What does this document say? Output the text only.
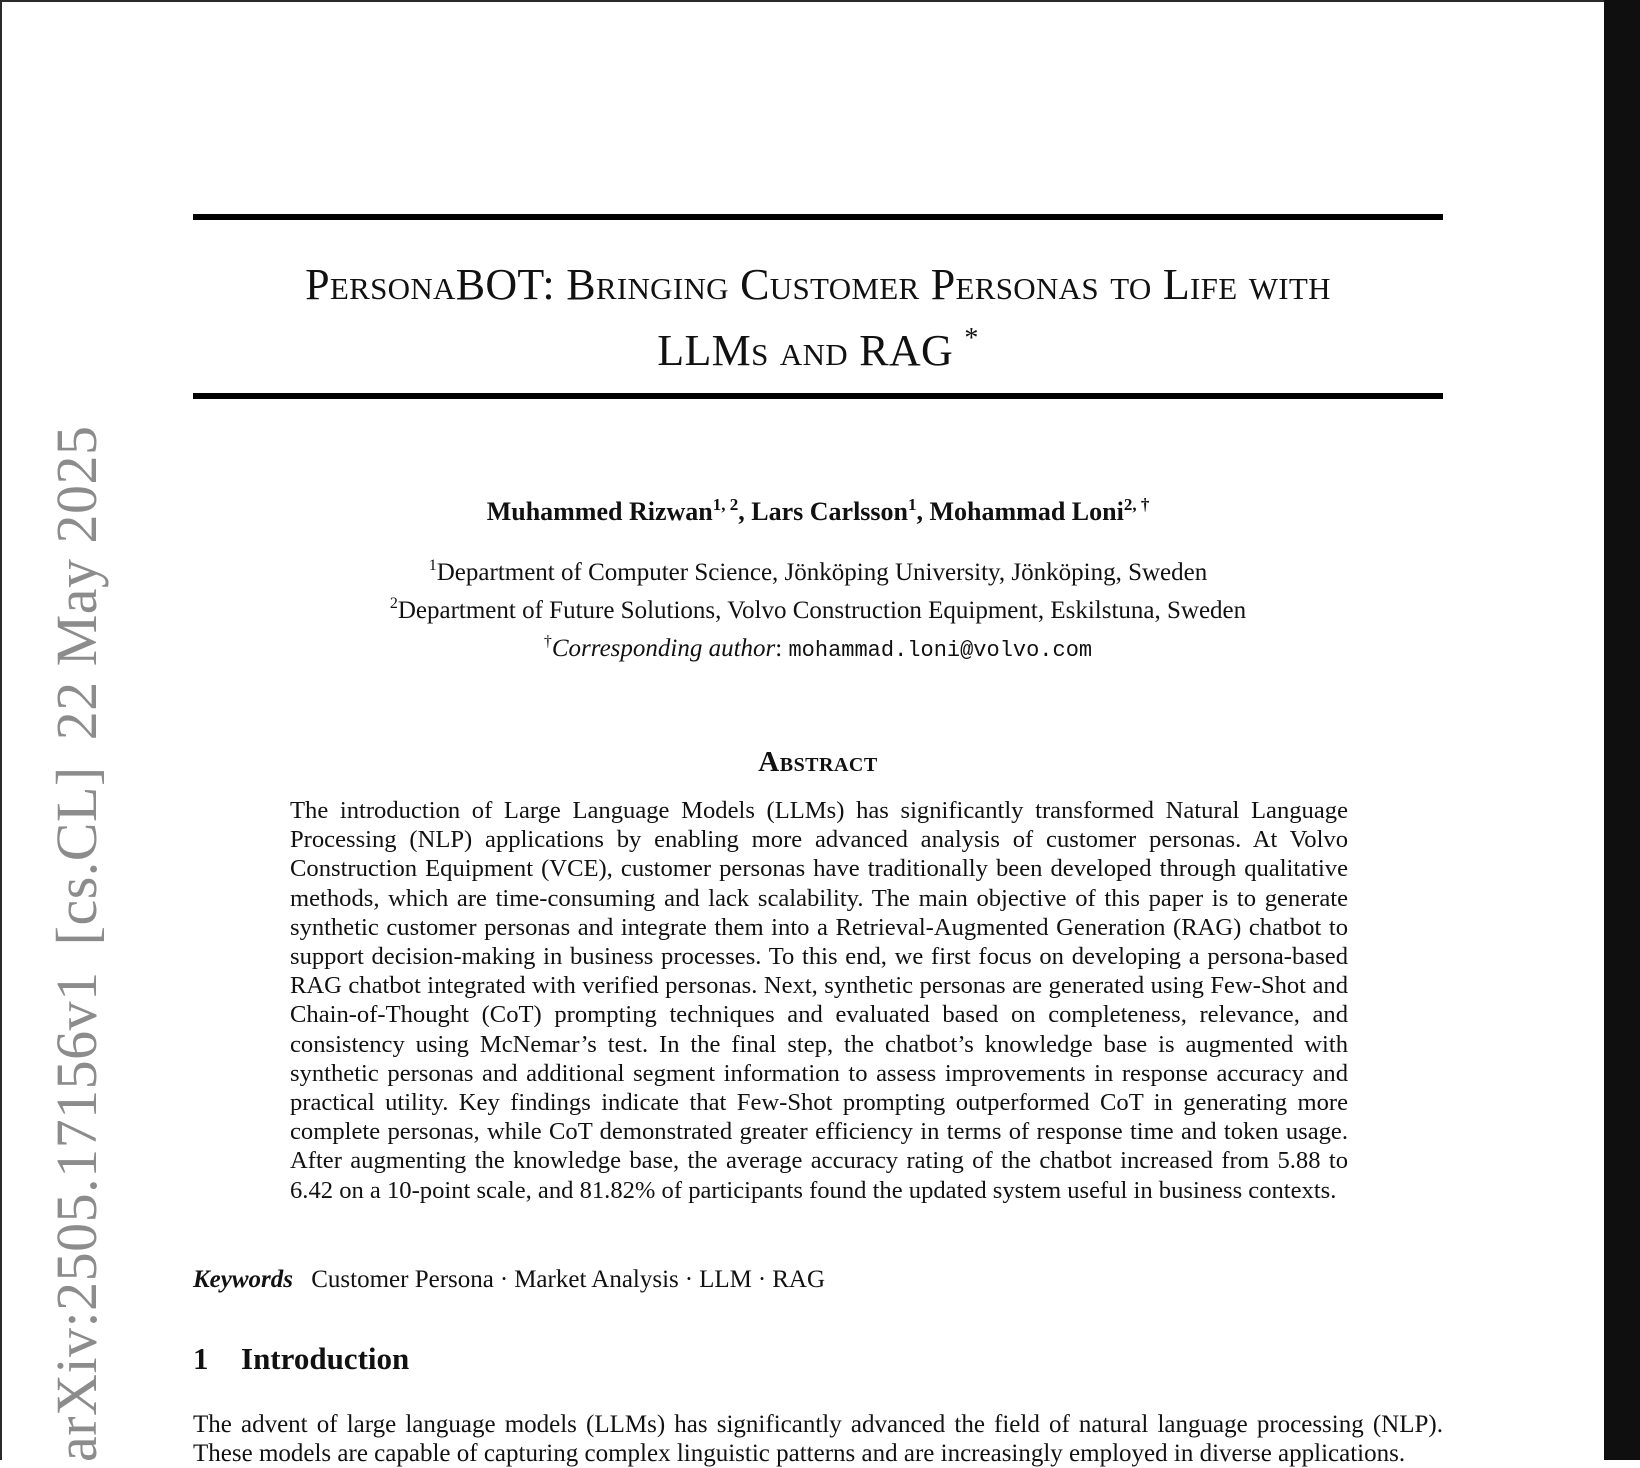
arXiv:2505.17156v1[cs.CL]22 May 2025
PersonaBOT: Bringing Customer Personas to Life with
LLMs and RAG *
Muhammed Rizwan$^{1, 2}$, Lars Carlsson$^1$, Mohammad Loni$^{2, \dagger}$
$^1$Department of Computer Science, Jönköping University, Jönköping, Sweden
$^2$Department of Future Solutions, Volvo Construction Equipment, Eskilstuna, Sweden
†Corresponding author: mohammad.loni@volvo.com
Abstract

The introduction of Large Language Models (LLMs) has significantly transformed Natural Language Processing (NLP) applications by enabling more advanced analysis of customer personas. At Volvo Construction Equipment (VCE), customer personas have traditionally been developed through qualitative methods, which are time-consuming and lack scalability. The main objective of this paper is to generate synthetic customer personas and integrate them into a Retrieval-Augmented Generation (RAG) chatbot to support decision-making in business processes. To this end, we first focus on developing a persona-based RAG chatbot integrated with verified personas. Next, synthetic personas are generated using Few-Shot and Chain-of-Thought (CoT) prompting techniques and evaluated based on completeness, relevance, and consistency using McNemar’s test. In the final step, the chatbot’s knowledge base is augmented with synthetic personas and additional segment information to assess improvements in response accuracy and practical utility. Key findings indicate that Few-Shot prompting outperformed CoT in generating more complete personas, while CoT demonstrated greater efficiency in terms of response time and token usage. After augmenting the knowledge base, the average accuracy rating of the chatbot increased from 5.88 to 6.42 on a 10-point scale, and 81.82% of participants found the updated system useful in business contexts.

Keywords Customer Persona · Market Analysis · LLM · RAG
1 Introduction

The advent of large language models (LLMs) has significantly advanced the field of natural language processing (NLP). These models are capable of capturing complex linguistic patterns and are increasingly employed in diverse applications.
